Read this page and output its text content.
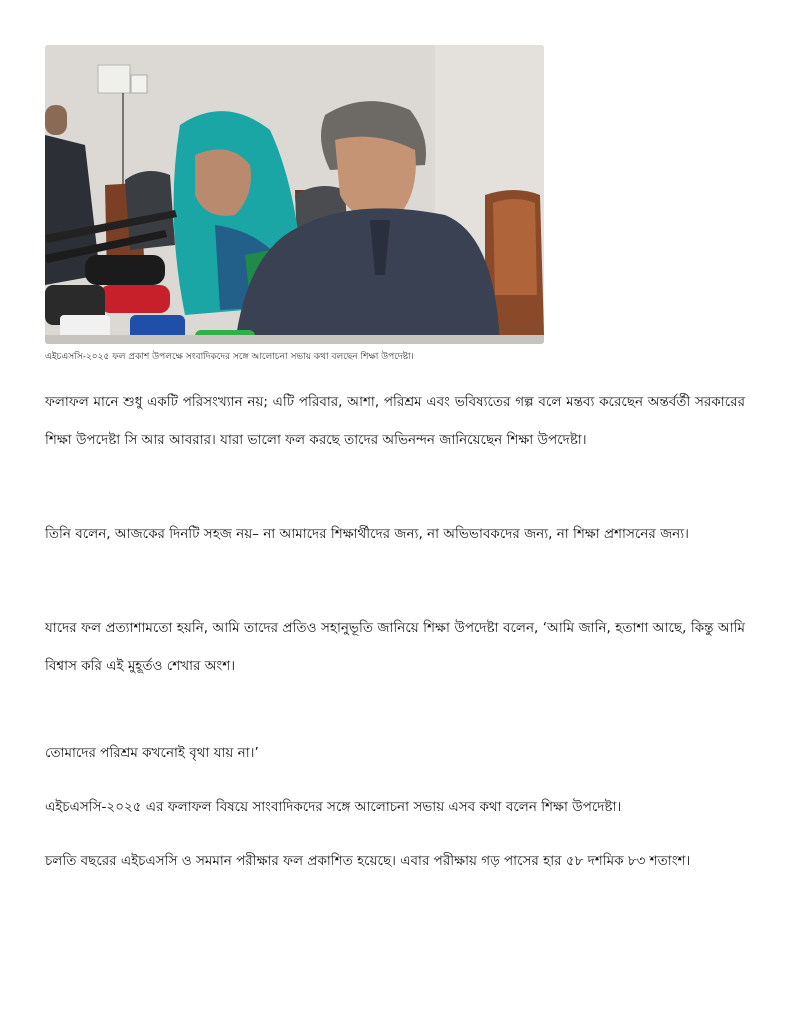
এইচএসসি-২০২৫ ফল প্রকাশ উপলক্ষে সংবাদিকদের সঙ্গে আলোচনা সভায় কথা বলছেন শিক্ষা উপদেষ্টা।

ফলাফল মানে শুধু একটি পরিসংখ্যান নয়; এটি পরিবার, আশা, পরিশ্রম এবং ভবিষ্যতের গল্প বলে মন্তব্য করেছেন অন্তর্বর্তী সরকারের শিক্ষা উপদেষ্টা সি আর আবরার। যারা ভালো ফল করছে তাদের অভিনন্দন জানিয়েছেন শিক্ষা উপদেষ্টা।

তিনি বলেন, আজকের দিনটি সহজ নয়– না আমাদের শিক্ষার্থীদের জন্য, না অভিভাবকদের জন্য, না শিক্ষা প্রশাসনের জন্য।

যাদের ফল প্রত্যাশামতো হয়নি, আমি তাদের প্রতিও সহানুভূতি জানিয়ে শিক্ষা উপদেষ্টা বলেন, ‘আমি জানি, হতাশা আছে, কিন্তু আমি বিশ্বাস করি এই মুহূর্তও শেখার অংশ।

তোমাদের পরিশ্রম কখনোই বৃথা যায় না।’

এইচএসসি-২০২৫ এর ফলাফল বিষয়ে সাংবাদিকদের সঙ্গে আলোচনা সভায় এসব কথা বলেন শিক্ষা উপদেষ্টা।

চলতি বছরের এইচএসসি ও সমমান পরীক্ষার ফল প্রকাশিত হয়েছে। এবার পরীক্ষায় গড় পাসের হার ৫৮ দশমিক ৮৩ শতাংশ।
